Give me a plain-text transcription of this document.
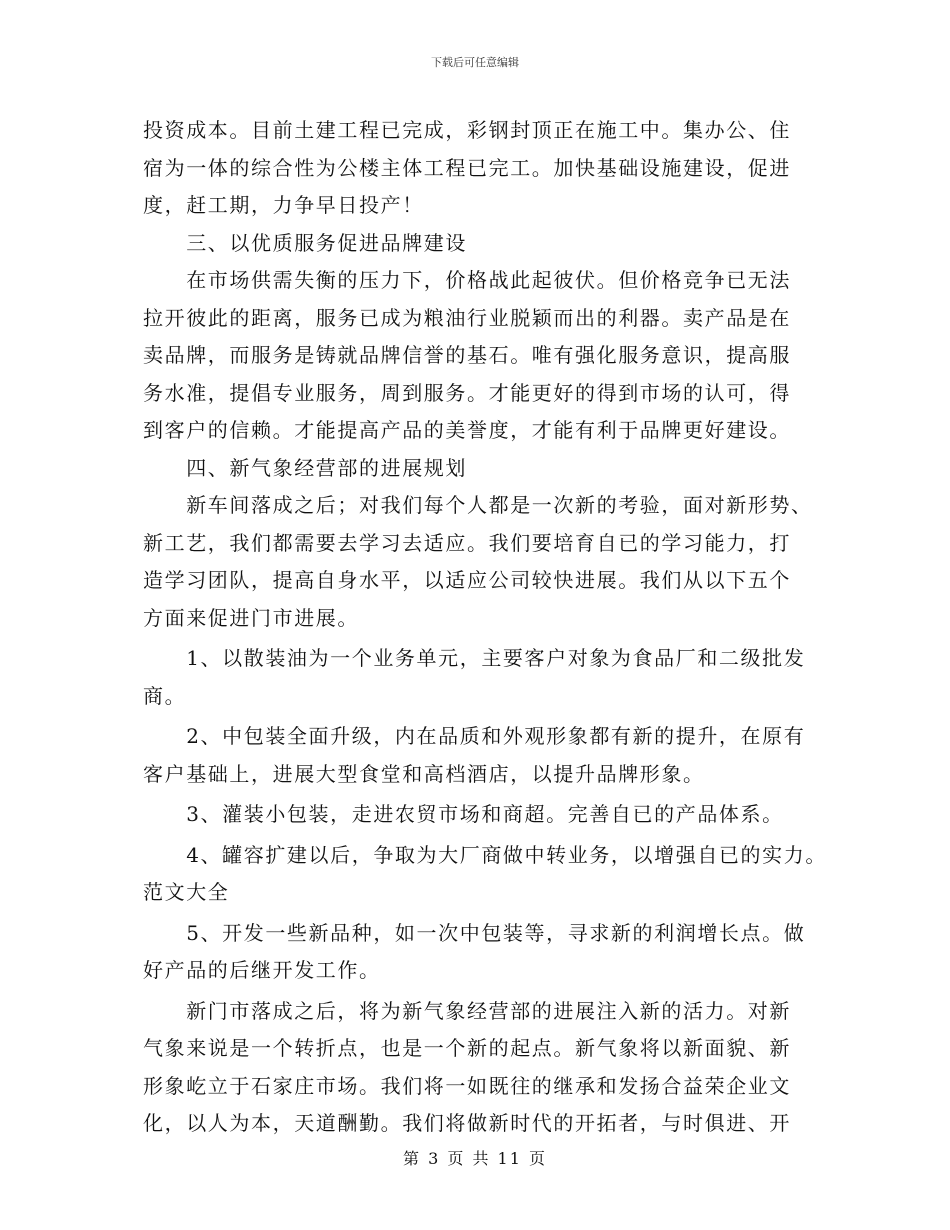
下载后可任意编辑
投资成本。目前土建工程已完成，彩钢封顶正在施工中。集办公、住
宿为一体的综合性为公楼主体工程已完工。加快基础设施建设，促进
度，赶工期，力争早日投产！
　　三、以优质服务促进品牌建设
　　在市场供需失衡的压力下，价格战此起彼伏。但价格竞争已无法
拉开彼此的距离，服务已成为粮油行业脱颖而出的利器。卖产品是在
卖品牌，而服务是铸就品牌信誉的基石。唯有强化服务意识，提高服
务水准，提倡专业服务，周到服务。才能更好的得到市场的认可，得
到客户的信赖。才能提高产品的美誉度，才能有利于品牌更好建设。
　　四、新气象经营部的进展规划
　　新车间落成之后；对我们每个人都是一次新的考验，面对新形势、
新工艺，我们都需要去学习去适应。我们要培育自已的学习能力，打
造学习团队，提高自身水平，以适应公司较快进展。我们从以下五个
方面来促进门市进展。
　　1、以散装油为一个业务单元，主要客户对象为食品厂和二级批发
商。
　　2、中包装全面升级，内在品质和外观形象都有新的提升，在原有
客户基础上，进展大型食堂和高档酒店，以提升品牌形象。
　　3、灌装小包装，走进农贸市场和商超。完善自已的产品体系。
　　4、罐容扩建以后，争取为大厂商做中转业务，以增强自已的实力。
范文大全
　　5、开发一些新品种，如一次中包装等，寻求新的利润增长点。做
好产品的后继开发工作。
　　新门市落成之后，将为新气象经营部的进展注入新的活力。对新
气象来说是一个转折点，也是一个新的起点。新气象将以新面貌、新
形象屹立于石家庄市场。我们将一如既往的继承和发扬合益荣企业文
化，以人为本，天道酬勤。我们将做新时代的开拓者，与时俱进、开
第 3 页 共 11 页
